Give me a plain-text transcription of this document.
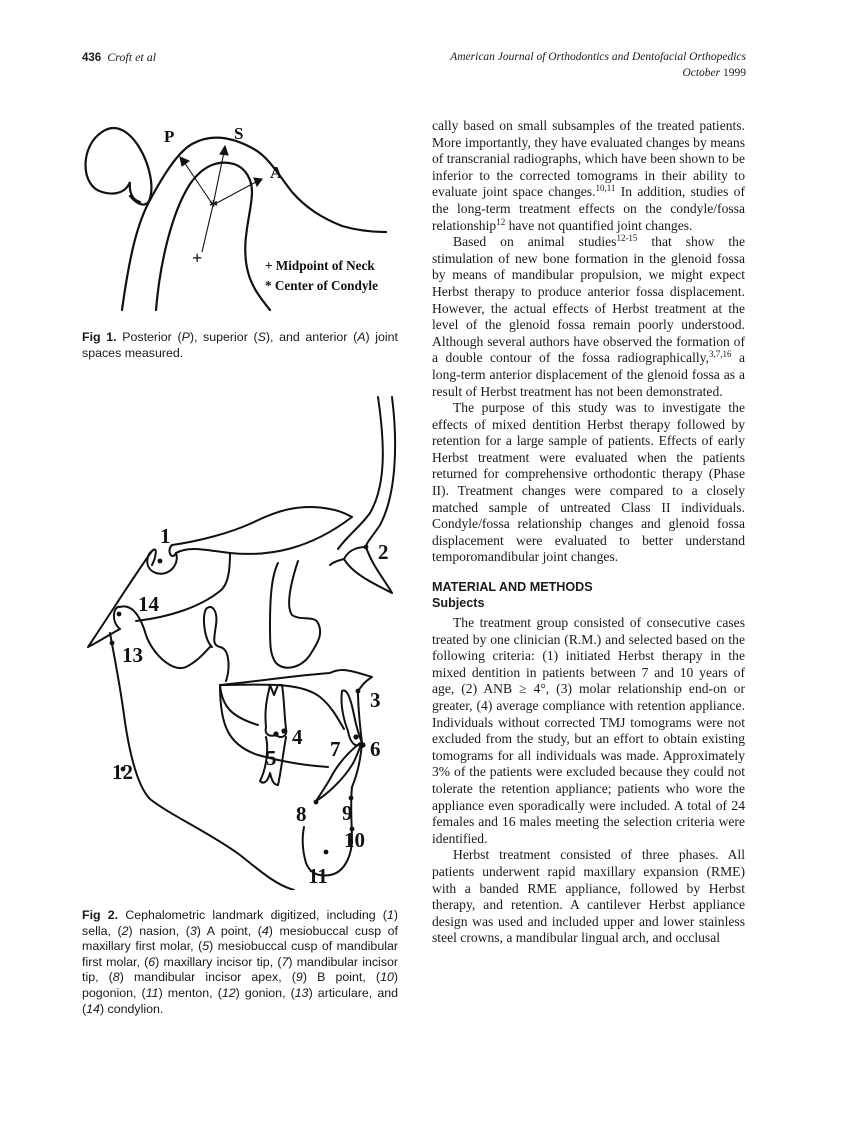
436 Croft et al	American Journal of Orthodontics and Dentofacial Orthopedics
October 1999
*
+
P	S
A
+ Midpoint of Neck
* Center of Condyle
Fig 1. Posterior (P), superior (S), and anterior (A) joint spaces measured.
1
2
3
4
5	6
7
8 9
10
11
12
13
14
Fig 2. Cephalometric landmark digitized, including (1) sella, (2) nasion, (3) A point, (4) mesiobuccal cusp of maxillary first molar, (5) mesiobuccal cusp of mandibular first molar, (6) maxillary incisor tip, (7) mandibular incisor tip, (8) mandibular incisor apex, (9) B point, (10) pogonion, (11) menton, (12) gonion, (13) articulare, and (14) condylion.

cally based on small subsamples of the treated patients. More importantly, they have evaluated changes by means of transcranial radiographs, which have been shown to be inferior to the corrected tomograms in their ability to evaluate joint space changes.$^{10,11}$ In addition, studies of the long-term treatment effects on the condyle/fossa relationship$^{12}$ have not quantified joint changes.

Based on animal studies$^{12-15}$ that show the stimulation of new bone formation in the glenoid fossa by means of mandibular propulsion, we might expect Herbst therapy to produce anterior fossa displacement. However, the actual effects of Herbst treatment at the level of the glenoid fossa remain poorly understood. Although several authors have observed the formation of a double contour of the fossa radiographically,$^{3,7,16}$ a long-term anterior displacement of the glenoid fossa as a result of Herbst treatment has not been demonstrated.

The purpose of this study was to investigate the effects of mixed dentition Herbst therapy followed by retention for a large sample of patients. Effects of early Herbst treatment were evaluated when the patients returned for comprehensive orthodontic therapy (Phase II). Treatment changes were compared to a closely matched sample of untreated Class II individuals. Condyle/fossa relationship changes and glenoid fossa displacement were evaluated to better understand temporomandibular joint changes.

MATERIAL AND METHODS
Subjects

The treatment group consisted of consecutive cases treated by one clinician (R.M.) and selected based on the following criteria: (1) initiated Herbst therapy in the mixed dentition in patients between 7 and 10 years of age, (2) ANB ≥ 4°, (3) molar relationship end-on or greater, (4) average compliance with retention appliance. Individuals without corrected TMJ tomograms were not excluded from the study, but an effort to obtain existing tomograms for all individuals was made. Approximately 3% of the patients were excluded because they could not tolerate the retention appliance; patients who wore the appliance even sporadically were included. A total of 24 females and 16 males meeting the selection criteria were identified.

Herbst treatment consisted of three phases. All patients underwent rapid maxillary expansion (RME) with a banded RME appliance, followed by Herbst therapy, and retention. A cantilever Herbst appliance design was used and included upper and lower stainless steel crowns, a mandibular lingual arch, and occlusal
